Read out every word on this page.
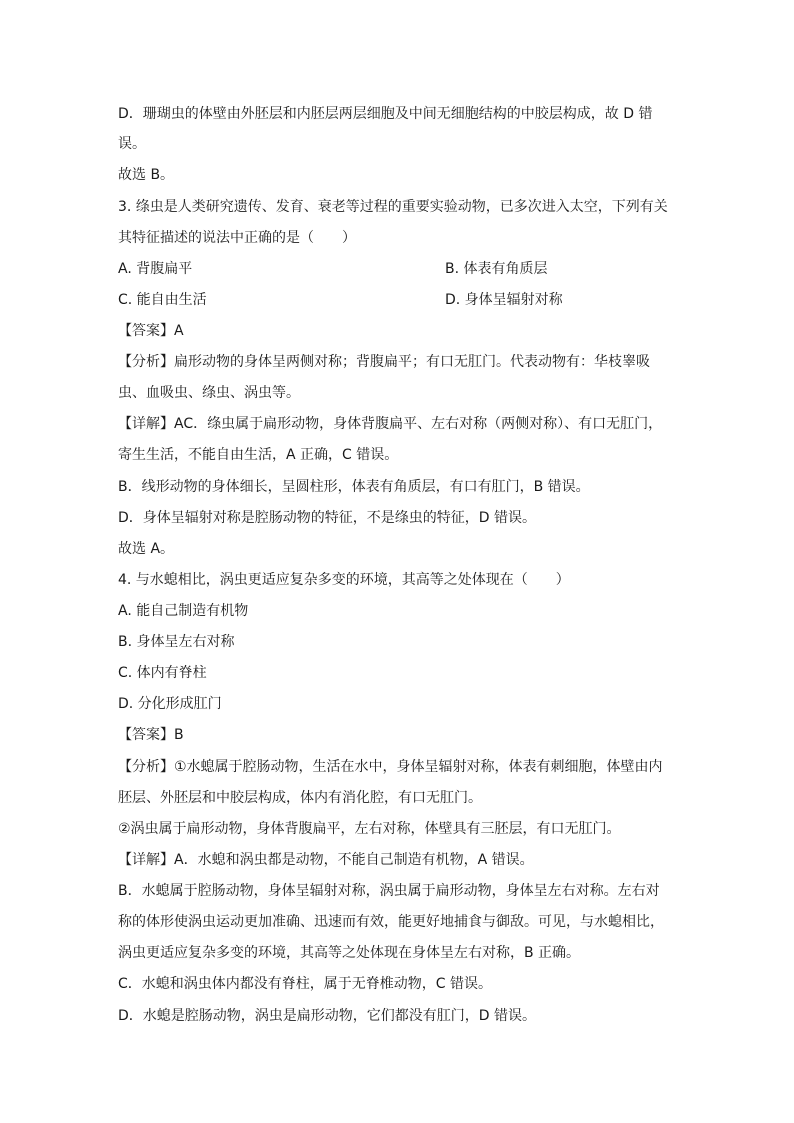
D．珊瑚虫的体壁由外胚层和内胚层两层细胞及中间无细胞结构的中胶层构成，故 D 错
误。
故选 B。
3. 绦虫是人类研究遗传、发育、衰老等过程的重要实验动物，已多次进入太空，下列有关
其特征描述的说法中正确的是（　　）
A. 背腹扁平	B. 体表有角质层
C. 能自由生活	D. 身体呈辐射对称
【答案】A
【分析】扁形动物的身体呈两侧对称；背腹扁平；有口无肛门。代表动物有：华枝睾吸
虫、血吸虫、绦虫、涡虫等。
【详解】AC．绦虫属于扁形动物，身体背腹扁平、左右对称（两侧对称）、有口无肛门，
寄生生活，不能自由生活，A 正确，C 错误。
B．线形动物的身体细长，呈圆柱形，体表有角质层，有口有肛门，B 错误。
D．身体呈辐射对称是腔肠动物的特征，不是绦虫的特征，D 错误。
故选 A。
4. 与水螅相比，涡虫更适应复杂多变的环境，其高等之处体现在（　　）
A. 能自己制造有机物
B. 身体呈左右对称
C. 体内有脊柱
D. 分化形成肛门
【答案】B
【分析】①水螅属于腔肠动物，生活在水中，身体呈辐射对称，体表有刺细胞，体壁由内
胚层、外胚层和中胶层构成，体内有消化腔，有口无肛门。
②涡虫属于扁形动物，身体背腹扁平，左右对称，体壁具有三胚层，有口无肛门。
【详解】A．水螅和涡虫都是动物，不能自己制造有机物，A 错误。
B．水螅属于腔肠动物，身体呈辐射对称，涡虫属于扁形动物，身体呈左右对称。左右对
称的体形使涡虫运动更加准确、迅速而有效，能更好地捕食与御敌。可见，与水螅相比，
涡虫更适应复杂多变的环境，其高等之处体现在身体呈左右对称，B 正确。
C．水螅和涡虫体内都没有脊柱，属于无脊椎动物，C 错误。
D．水螅是腔肠动物，涡虫是扁形动物，它们都没有肛门，D 错误。
